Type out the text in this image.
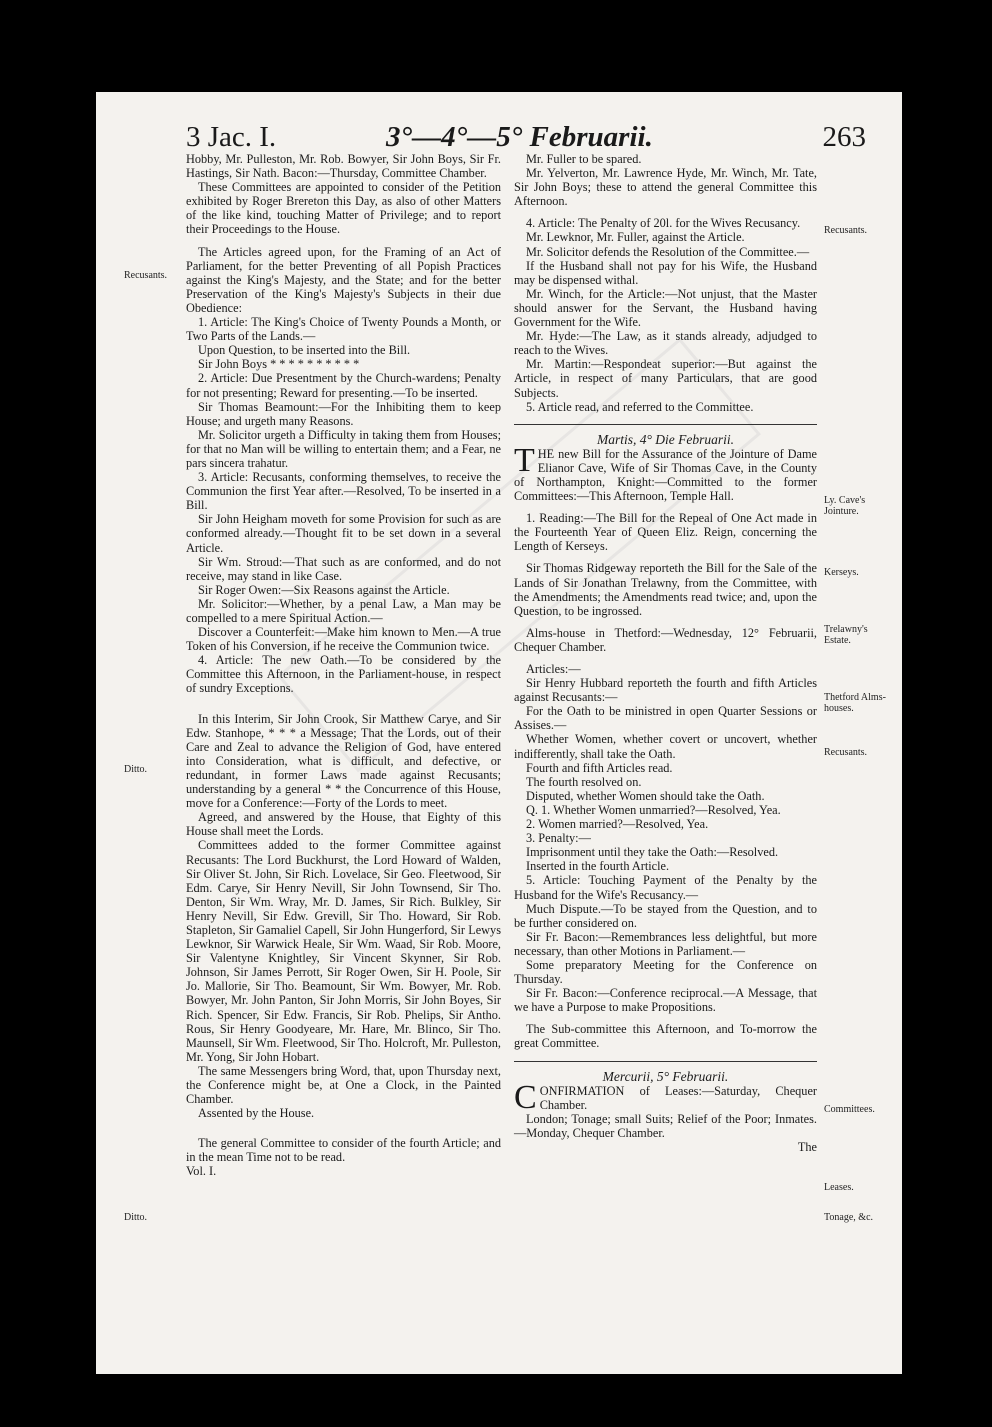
3 Jac. I.	3°—4°—5° Februarii.	263

Hobby, Mr. Pulleston, Mr. Rob. Bowyer, Sir John Boys, Sir Fr. Hastings, Sir Nath. Bacon:—Thursday, Committee Chamber.

These Committees are appointed to consider of the Petition exhibited by Roger Brereton this Day, as also of other Matters of the like kind, touching Matter of Privilege; and to report their Proceedings to the House.

The Articles agreed upon, for the Framing of an Act of Parliament, for the better Preventing of all Popish Practices against the King's Majesty, and the State; and for the better Preservation of the King's Majesty's Subjects in their due Obedience:

1. Article: The King's Choice of Twenty Pounds a Month, or Two Parts of the Lands.—

Upon Question, to be inserted into the Bill.

Sir John Boys * * * * * * * * * *

2. Article: Due Presentment by the Church-wardens; Penalty for not presenting; Reward for presenting.—To be inserted.

Sir Thomas Beamount:—For the Inhibiting them to keep House; and urgeth many Reasons.

Mr. Solicitor urgeth a Difficulty in taking them from Houses; for that no Man will be willing to entertain them; and a Fear, ne pars sincera trahatur.

3. Article: Recusants, conforming themselves, to receive the Communion the first Year after.—Resolved, To be inserted in a Bill.

Sir John Heigham moveth for some Provision for such as are conformed already.—Thought fit to be set down in a several Article.

Sir Wm. Stroud:—That such as are conformed, and do not receive, may stand in like Case.

Sir Roger Owen:—Six Reasons against the Article.

Mr. Solicitor:—Whether, by a penal Law, a Man may be compelled to a mere Spiritual Action.—

Discover a Counterfeit:—Make him known to Men.—A true Token of his Conversion, if he receive the Communion twice.

4. Article: The new Oath.—To be considered by the Committee this Afternoon, in the Parliament-house, in respect of sundry Exceptions.

In this Interim, Sir John Crook, Sir Matthew Carye, and Sir Edw. Stanhope, * * * a Message; That the Lords, out of their Care and Zeal to advance the Religion of God, have entered into Consideration, what is difficult, and defective, or redundant, in former Laws made against Recusants; understanding by a general * * the Concurrence of this House, move for a Conference:—Forty of the Lords to meet.

Agreed, and answered by the House, that Eighty of this House shall meet the Lords.

Committees added to the former Committee against Recusants: The Lord Buckhurst, the Lord Howard of Walden, Sir Oliver St. John, Sir Rich. Lovelace, Sir Geo. Fleetwood, Sir Edm. Carye, Sir Henry Nevill, Sir John Townsend, Sir Tho. Denton, Sir Wm. Wray, Mr. D. James, Sir Rich. Bulkley, Sir Henry Nevill, Sir Edw. Grevill, Sir Tho. Howard, Sir Rob. Stapleton, Sir Gamaliel Capell, Sir John Hungerford, Sir Lewys Lewknor, Sir Warwick Heale, Sir Wm. Waad, Sir Rob. Moore, Sir Valentyne Knightley, Sir Vincent Skynner, Sir Rob. Johnson, Sir James Perrott, Sir Roger Owen, Sir H. Poole, Sir Jo. Mallorie, Sir Tho. Beamount, Sir Wm. Bowyer, Mr. Rob. Bowyer, Mr. John Panton, Sir John Morris, Sir John Boyes, Sir Rich. Spencer, Sir Edw. Francis, Sir Rob. Phelips, Sir Antho. Rous, Sir Henry Goodyeare, Mr. Hare, Mr. Blinco, Sir Tho. Maunsell, Sir Wm. Fleetwood, Sir Tho. Holcroft, Mr. Pulleston, Mr. Yong, Sir John Hobart.

The same Messengers bring Word, that, upon Thursday next, the Conference might be, at One a Clock, in the Painted Chamber.

Assented by the House.

The general Committee to consider of the fourth Article; and in the mean Time not to be read.

Vol. I.

Mr. Fuller to be spared.

Mr. Yelverton, Mr. Lawrence Hyde, Mr. Winch, Mr. Tate, Sir John Boys; these to attend the general Committee this Afternoon.

4. Article: The Penalty of 20l. for the Wives Recusancy.

Mr. Lewknor, Mr. Fuller, against the Article.

Mr. Solicitor defends the Resolution of the Committee.—

If the Husband shall not pay for his Wife, the Husband may be dispensed withal.

Mr. Winch, for the Article:—Not unjust, that the Master should answer for the Servant, the Husband having Government for the Wife.

Mr. Hyde:—The Law, as it stands already, adjudged to reach to the Wives.

Mr. Martin:—Respondeat superior:—But against the Article, in respect of many Particulars, that are good Subjects.

5. Article read, and referred to the Committee.

Martis, 4° Die Februarii.

THE new Bill for the Assurance of the Jointure of Dame Elianor Cave, Wife of Sir Thomas Cave, in the County of Northampton, Knight:—Committed to the former Committees:—This Afternoon, Temple Hall.

1. Reading:—The Bill for the Repeal of One Act made in the Fourteenth Year of Queen Eliz. Reign, concerning the Length of Kerseys.

Sir Thomas Ridgeway reporteth the Bill for the Sale of the Lands of Sir Jonathan Trelawny, from the Committee, with the Amendments; the Amendments read twice; and, upon the Question, to be ingrossed.

Alms-house in Thetford:—Wednesday, 12° Februarii, Chequer Chamber.

Articles:—

Sir Henry Hubbard reporteth the fourth and fifth Articles against Recusants:—

For the Oath to be ministred in open Quarter Sessions or Assises.—

Whether Women, whether covert or uncovert, whether indifferently, shall take the Oath.

Fourth and fifth Articles read.

The fourth resolved on.

Disputed, whether Women should take the Oath.

Q. 1. Whether Women unmarried?—Resolved, Yea.

2. Women married?—Resolved, Yea.

3. Penalty:—

Imprisonment until they take the Oath:—Resolved.

Inserted in the fourth Article.

5. Article: Touching Payment of the Penalty by the Husband for the Wife's Recusancy.—

Much Dispute.—To be stayed from the Question, and to be further considered on.

Sir Fr. Bacon:—Remembrances less delightful, but more necessary, than other Motions in Parliament.—

Some preparatory Meeting for the Conference on Thursday.

Sir Fr. Bacon:—Conference reciprocal.—A Message, that we have a Purpose to make Propositions.

The Sub-committee this Afternoon, and To-morrow the great Committee.

Mercurii, 5° Februarii.

CONFIRMATION of Leases:—Saturday, Chequer Chamber.

London; Tonage; small Suits; Relief of the Poor; Inmates.—Monday, Chequer Chamber.

The

Recusants.
Ditto.
Ditto.
Recusants.
Ly. Cave's Jointure.
Kerseys.
Trelawny's Estate.
Thetford Alms-houses.
Recusants.
Committees.
Leases.
Tonage, &c.
